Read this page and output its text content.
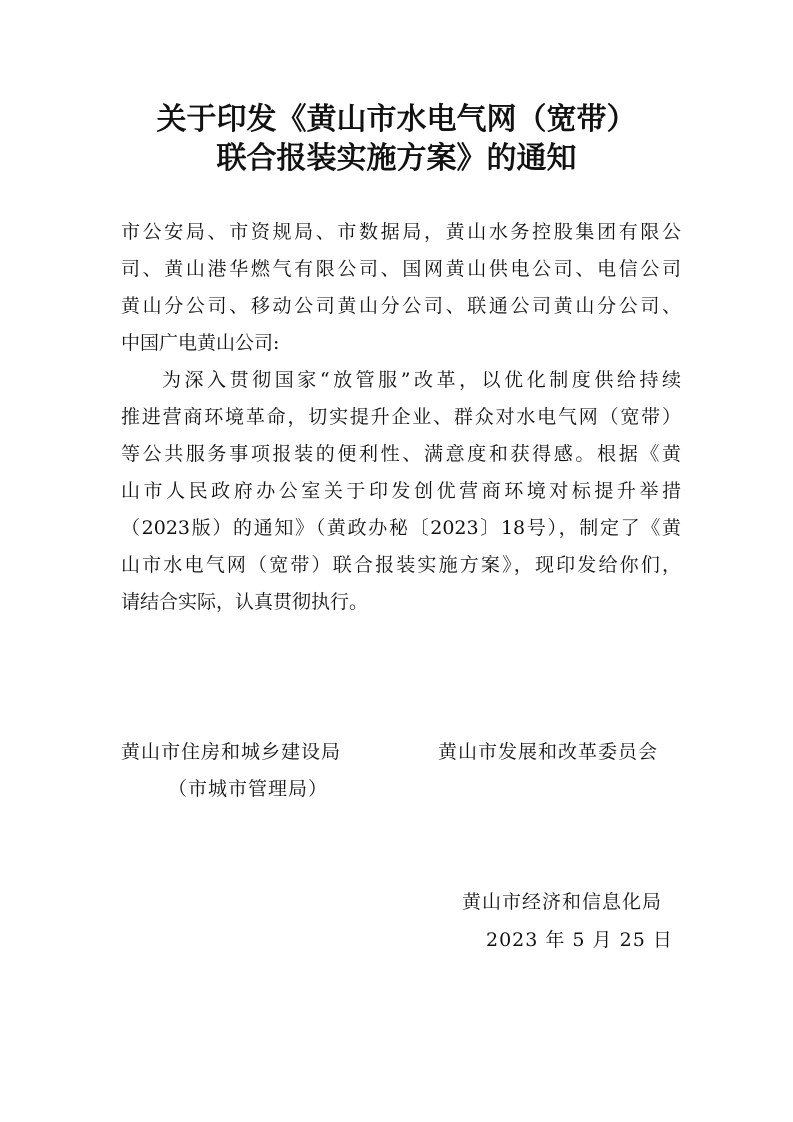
关于印发《黄山市水电气网（宽带）
联合报装实施方案》的通知
市公安局、市资规局、市数据局，黄山水务控股集团有限公
司、黄山港华燃气有限公司、国网黄山供电公司、电信公司
黄山分公司、移动公司黄山分公司、联通公司黄山分公司、
中国广电黄山公司:
为深入贯彻国家“放管服”改革，以优化制度供给持续
推进营商环境革命，切实提升企业、群众对水电气网（宽带）
等公共服务事项报装的便利性、满意度和获得感。根据《黄
山市人民政府办公室关于印发创优营商环境对标提升举措
（2023版）的通知》（黄政办秘〔2023〕18号），制定了《黄
山市水电气网（宽带）联合报装实施方案》，现印发给你们，
请结合实际，认真贯彻执行。
黄山市住房和城乡建设局
（市城市管理局）
黄山市发展和改革委员会
黄山市经济和信息化局
2023 年 5 月 25 日
